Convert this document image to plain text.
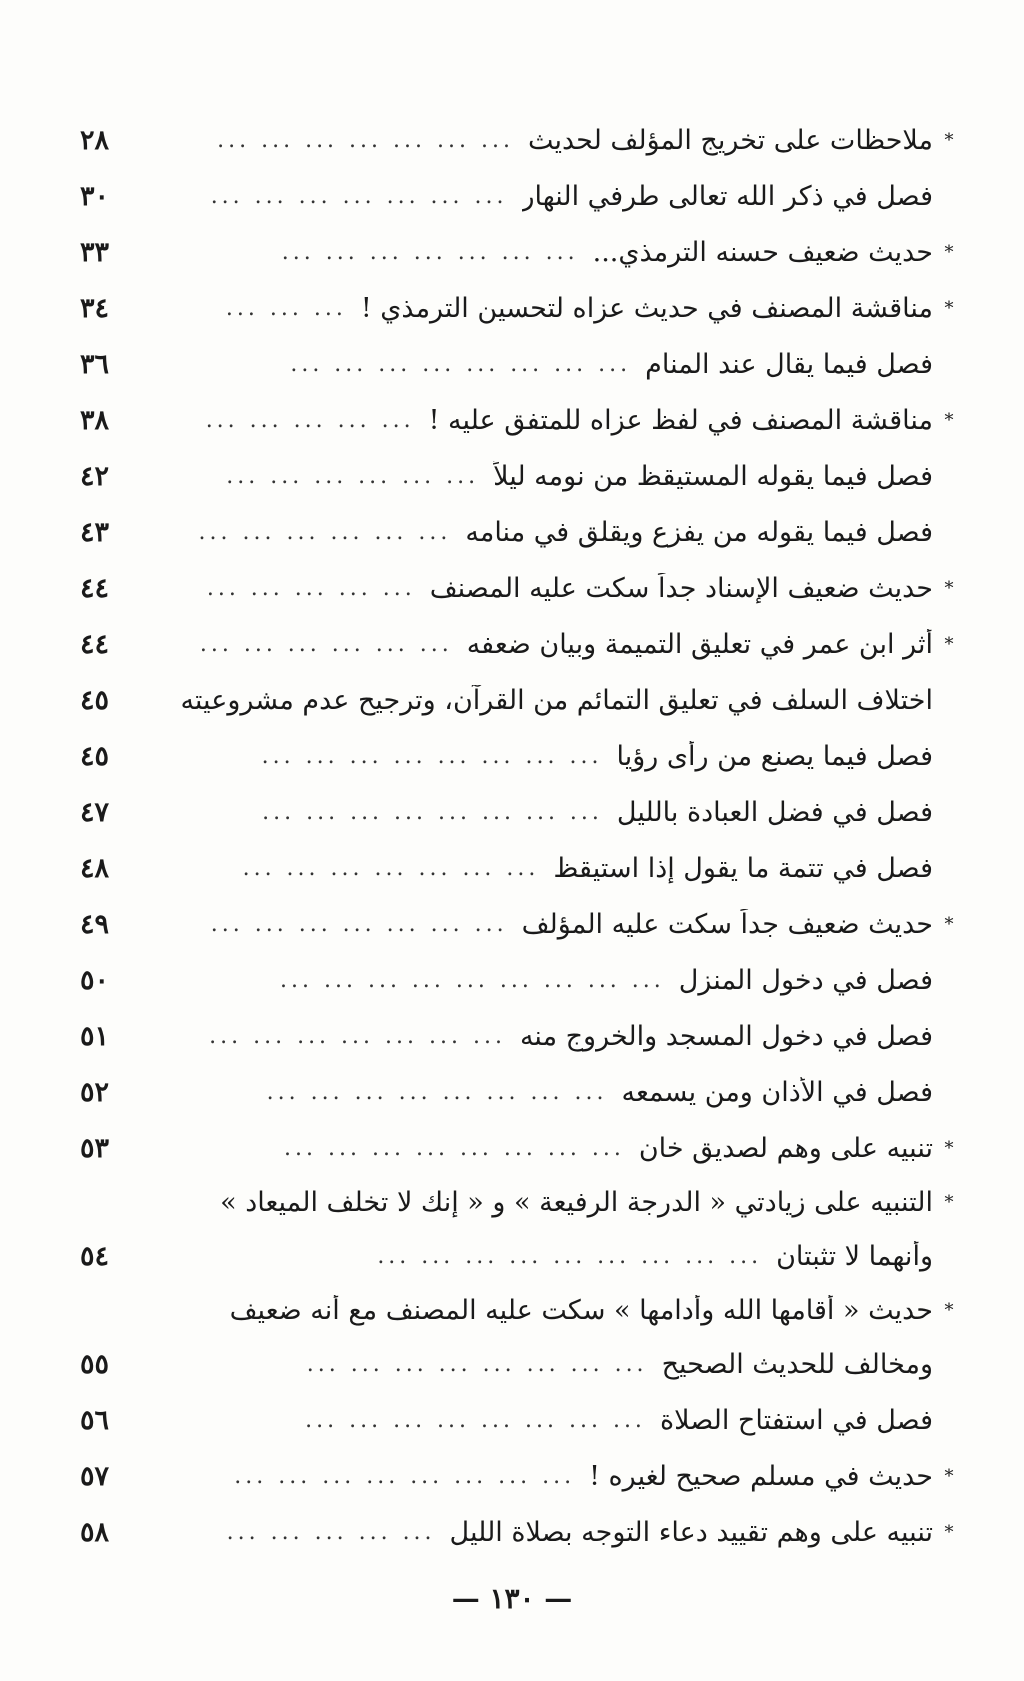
*
ملاحظات على تخريج المؤلف لحديث
... ... ... ... ... ... ...
٢٨
فصل في ذكر الله تعالى طرفي النهار
... ... ... ... ... ... ...
٣٠
*
حديث ضعيف حسنه الترمذي...
... ... ... ... ... ... ...
٣٣
*
مناقشة المصنف في حديث عزاه لتحسين الترمذي !
... ... ...
٣٤
فصل فيما يقال عند المنام
... ... ... ... ... ... ... ...
٣٦
*
مناقشة المصنف في لفظ عزاه للمتفق عليه !
... ... ... ... ...
٣٨
فصل فيما يقوله المستيقظ من نومه ليلاً
... ... ... ... ... ...
٤٢
فصل فيما يقوله من يفزع ويقلق في منامه
... ... ... ... ... ...
٤٣
*
حديث ضعيف الإسناد جداً سكت عليه المصنف
... ... ... ... ...
٤٤
*
أثر ابن عمر في تعليق التميمة وبيان ضعفه
... ... ... ... ... ...
٤٤
اختلاف السلف في تعليق التمائم من القرآن، وترجيح عدم مشروعيته
٤٥
فصل فيما يصنع من رأى رؤيا
... ... ... ... ... ... ... ...
٤٥
فصل في فضل العبادة بالليل
... ... ... ... ... ... ... ...
٤٧
فصل في تتمة ما يقول إذا استيقظ
... ... ... ... ... ... ...
٤٨
*
حديث ضعيف جداً سكت عليه المؤلف
... ... ... ... ... ... ...
٤٩
فصل في دخول المنزل
... ... ... ... ... ... ... ... ...
٥٠
فصل في دخول المسجد والخروج منه
... ... ... ... ... ... ...
٥١
فصل في الأذان ومن يسمعه
... ... ... ... ... ... ... ...
٥٢
*
تنبيه على وهم لصديق خان
... ... ... ... ... ... ... ...
٥٣
*
التنبيه على زيادتي « الدرجة الرفيعة » و « إنك لا تخلف الميعاد »
وأنهما لا تثبتان
... ... ... ... ... ... ... ... ...
٥٤
*
حديث « أقامها الله وأدامها » سكت عليه المصنف مع أنه ضعيف
ومخالف للحديث الصحيح
... ... ... ... ... ... ... ...
٥٥
فصل في استفتاح الصلاة
... ... ... ... ... ... ... ...
٥٦
*
حديث في مسلم صحيح لغيره !
... ... ... ... ... ... ... ...
٥٧
*
تنبيه على وهم تقييد دعاء التوجه بصلاة الليل
... ... ... ... ...
٥٨
— ١٣٠ —
